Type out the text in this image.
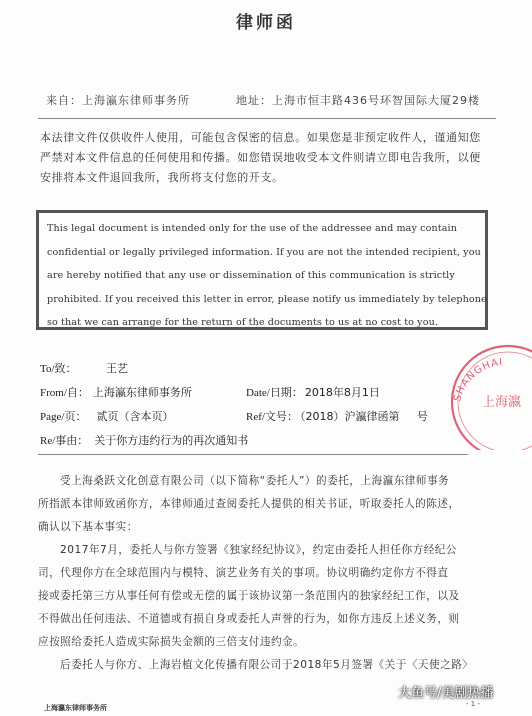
律师函
来自：上海瀛东律师事务所	地址：上海市恒丰路436号环智国际大厦29楼
本法律文件仅供收件人使用，可能包含保密的信息。如果您是非预定收件人，谨通知您严禁对本文件信息的任何使用和传播。如您错误地收受本文件则请立即电告我所，以便安排将本文件退回我所，我所将支付您的开支。

This legal document is intended only for the use of the addressee and may contain

confidential or legally privileged information. If you are not the intended recipient, you

are hereby notified that any use or dissemination of this communication is strictly

prohibited. If you received this letter in error, please notify us immediately by telephone

so that we can arrange for the return of the documents to us at no cost to you.

To/致：	王艺
From/自： 上海瀛东律师事务所	Date/日期： 2018年8月1日
Page/页： 贰页（含本页）	Ref/文号： （2018）沪瀛律函第     号
Re/事由： 关于你方违约行为的再次通知书
受上海桑跃文化创意有限公司（以下简称“委托人”）的委托，上海瀛东律师事务
所指派本律师致函你方，本律师通过查阅委托人提供的相关书证，听取委托人的陈述，
确认以下基本事实：
2017年7月，委托人与你方签署《独家经纪协议》，约定由委托人担任你方经纪公
司，代理你方在全球范围内与模特、演艺业务有关的事项。协议明确约定你方不得直
接或委托第三方从事任何有偿或无偿的属于该协议第一条范围内的独家经纪工作，以及
不得做出任何违法、不道德或有损自身或委托人声誉的行为，如你方违反上述义务，则
应按照给委托人造成实际损失金额的三倍支付违约金。
后委托人与你方、上海岩植文化传播有限公司于2018年5月签署《关于〈天使之路〉
SHANGHAI
上海瀛
上海瀛东律师事务所	- 1 -
大鱼号/美剧热播
